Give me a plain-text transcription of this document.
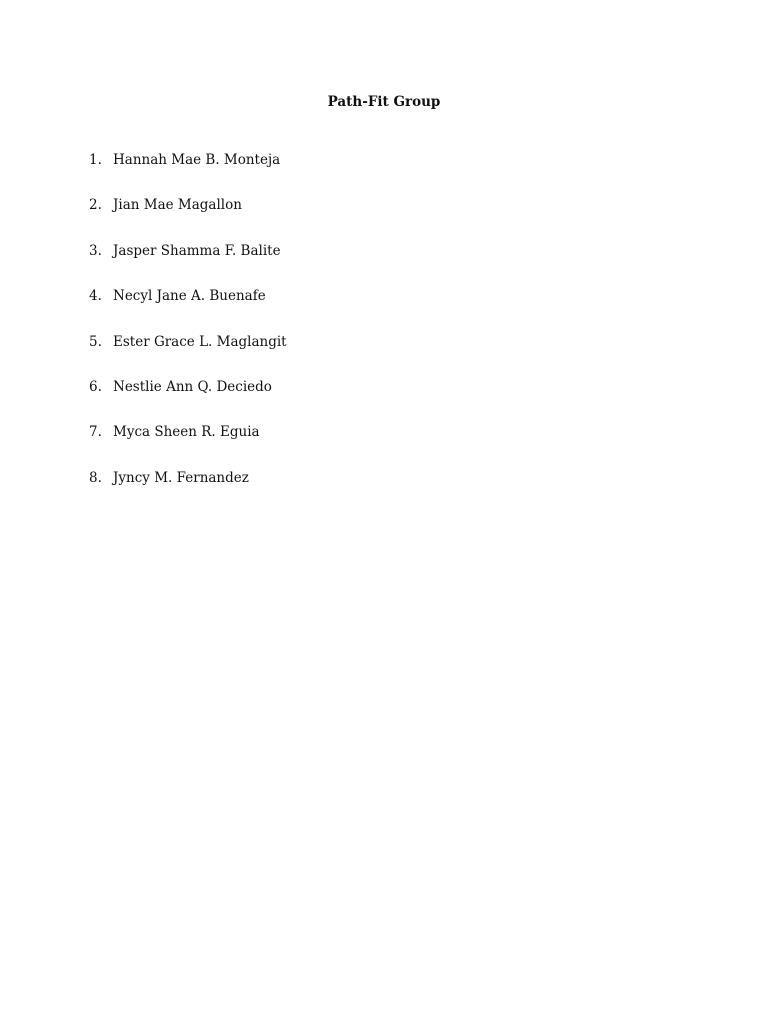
Path-Fit Group
1. Hannah Mae B. Monteja
2. Jian Mae Magallon
3. Jasper Shamma F. Balite
4. Necyl Jane A. Buenafe
5. Ester Grace L. Maglangit
6. Nestlie Ann Q. Deciedo
7. Myca Sheen R. Eguia
8. Jyncy M. Fernandez
